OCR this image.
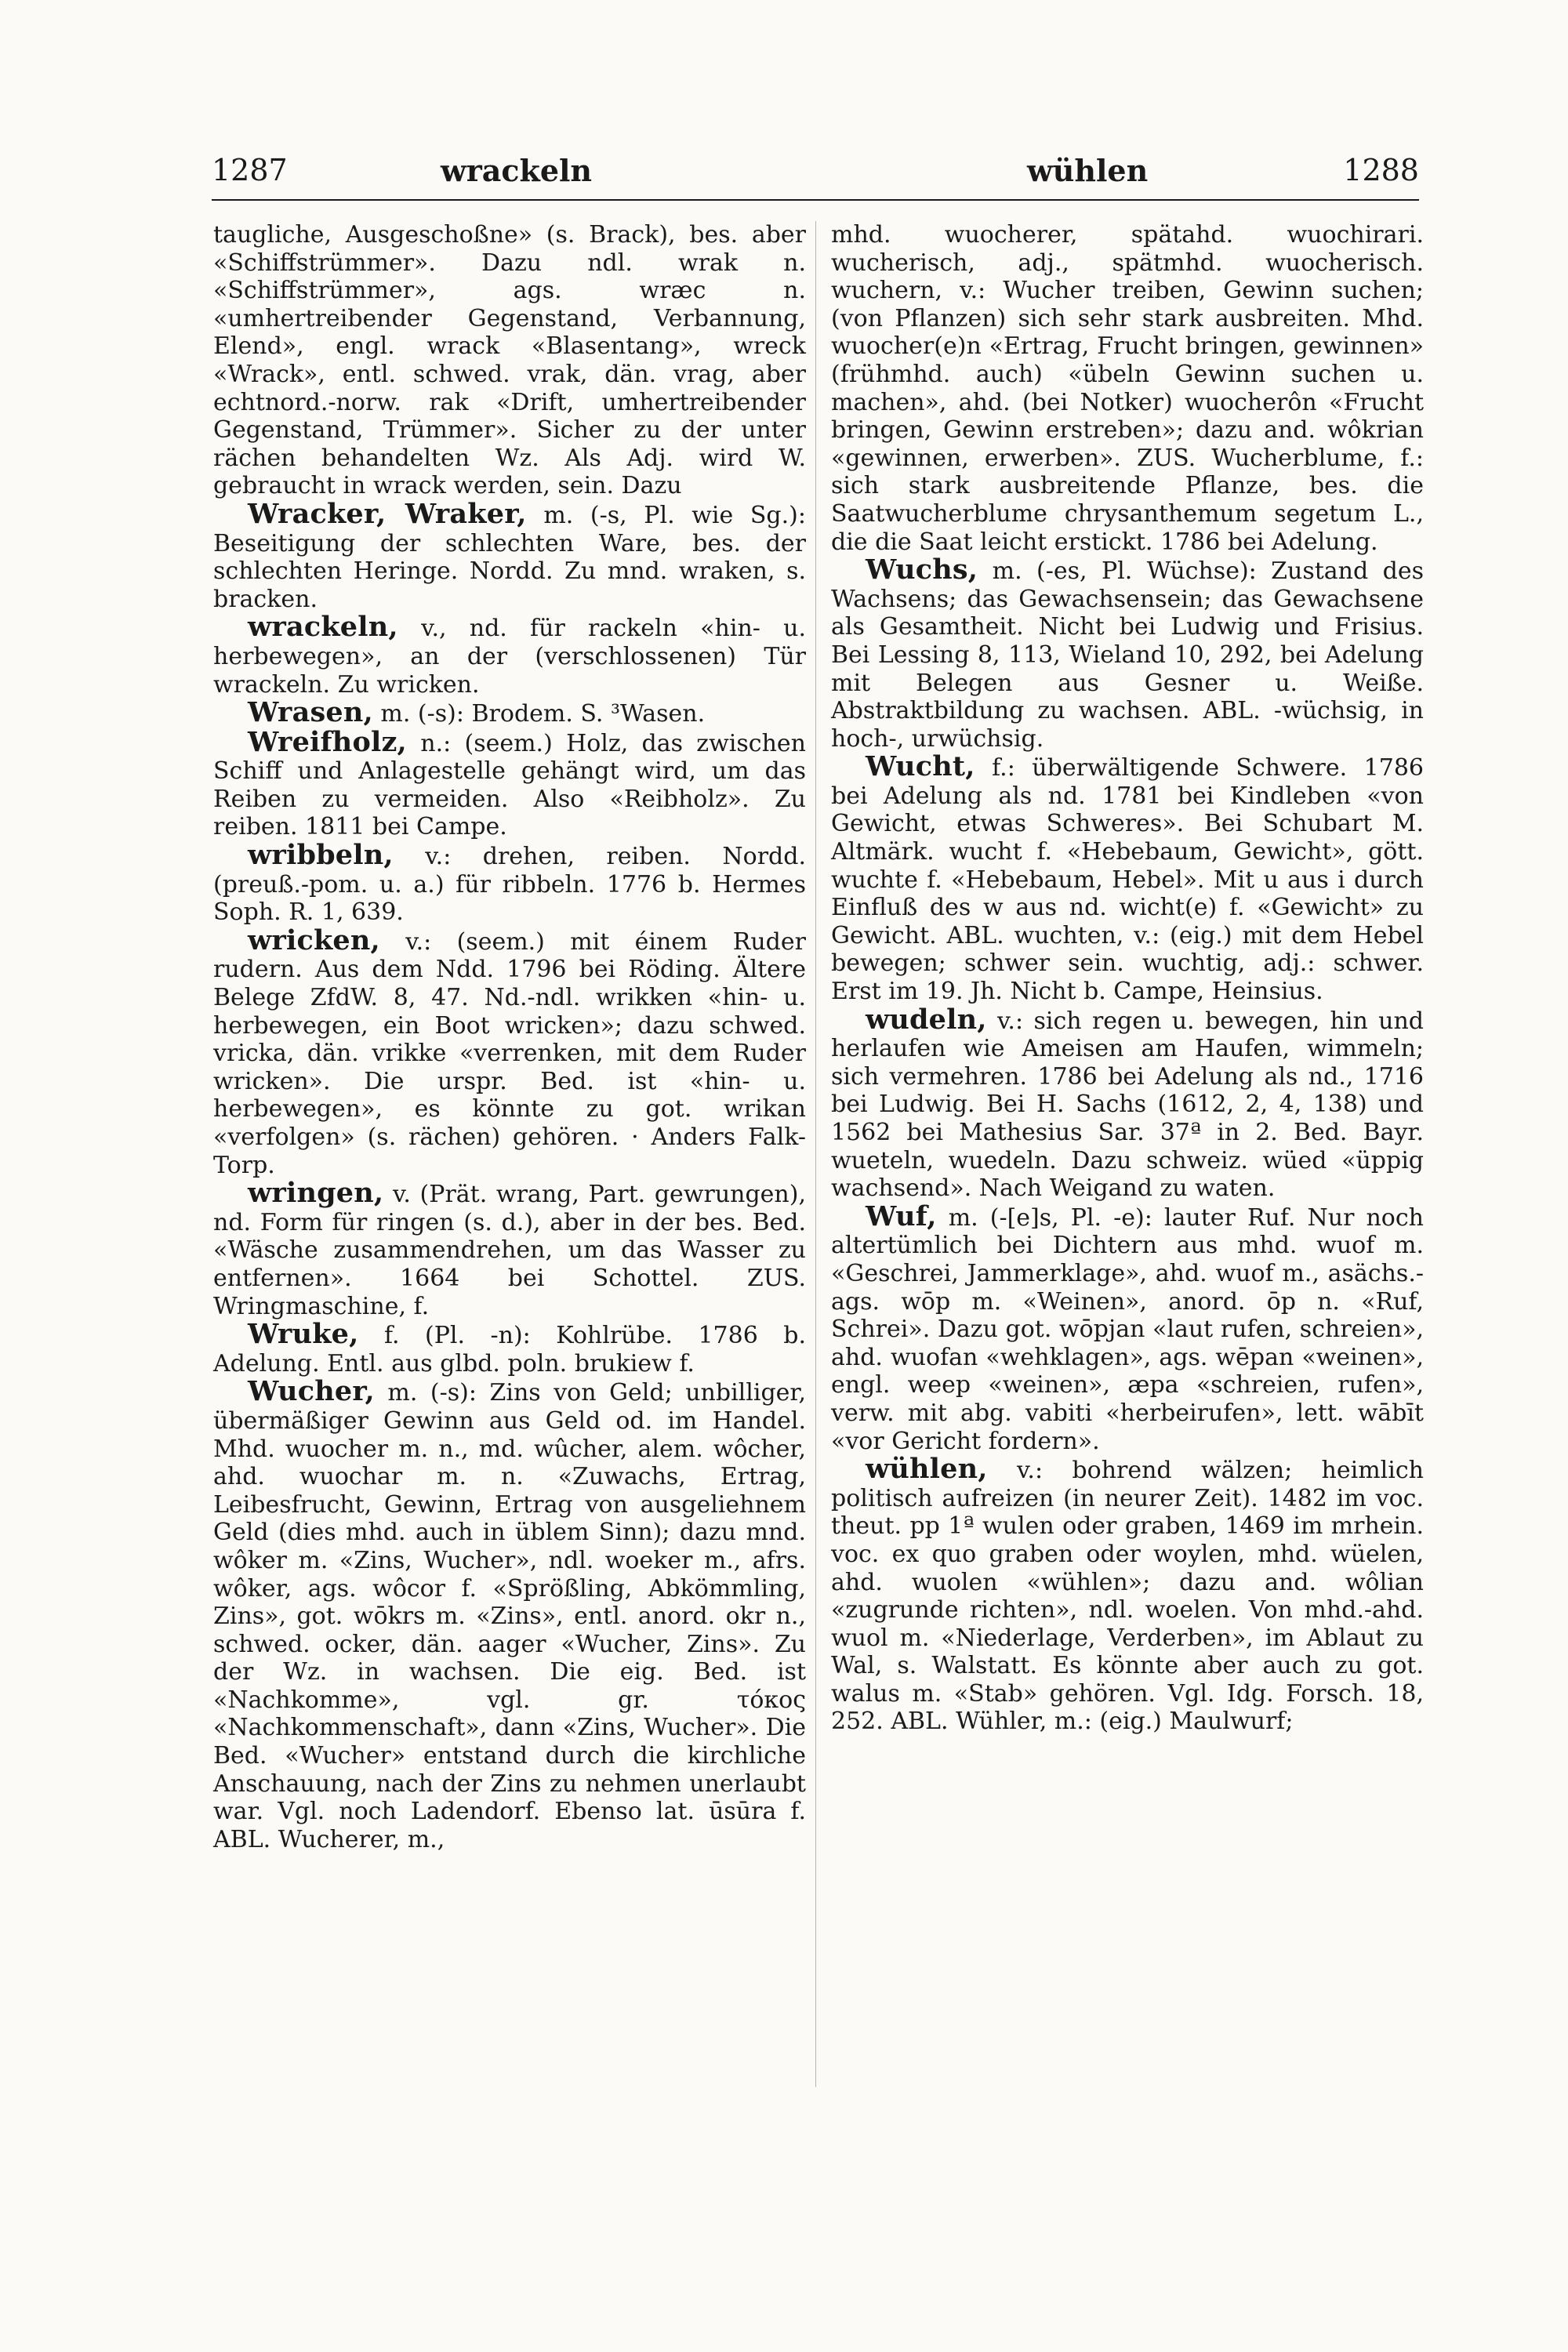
1287	wrackeln	wühlen	1288

taugliche, Ausgeschoßne» (s. Brack), bes. aber «Schiffstrümmer». Dazu ndl. wrak n. «Schiffstrümmer», ags. wræc n. «umhertreibender Gegenstand, Verbannung, Elend», engl. wrack «Blasentang», wreck «Wrack», entl. schwed. vrak, dän. vrag, aber echtnord.-norw. rak «Drift, umhertreibender Gegenstand, Trümmer». Sicher zu der unter rächen behandelten Wz. Als Adj. wird W. gebraucht in wrack werden, sein. Dazu

Wracker, Wraker, m. (-s, Pl. wie Sg.): Beseitigung der schlechten Ware, bes. der schlechten Heringe. Nordd. Zu mnd. wraken, s. bracken.

wrackeln, v., nd. für rackeln «hin- u. herbewegen», an der (verschlossenen) Tür wrackeln. Zu wricken.

Wrasen, m. (-s): Brodem. S. ³Wasen.

Wreifholz, n.: (seem.) Holz, das zwischen Schiff und Anlagestelle gehängt wird, um das Reiben zu vermeiden. Also «Reibholz». Zu reiben. 1811 bei Campe.

wribbeln, v.: drehen, reiben. Nordd. (preuß.-pom. u. a.) für ribbeln. 1776 b. Hermes Soph. R. 1, 639.

wricken, v.: (seem.) mit éinem Ruder rudern. Aus dem Ndd. 1796 bei Röding. Ältere Belege ZfdW. 8, 47. Nd.-ndl. wrikken «hin- u. herbewegen, ein Boot wricken»; dazu schwed. vricka, dän. vrikke «verrenken, mit dem Ruder wricken». Die urspr. Bed. ist «hin- u. herbewegen», es könnte zu got. wrikan «verfolgen» (s. rächen) gehören. · Anders Falk-Torp.

wringen, v. (Prät. wrang, Part. gewrungen), nd. Form für ringen (s. d.), aber in der bes. Bed. «Wäsche zusammendrehen, um das Wasser zu entfernen». 1664 bei Schottel. ZUS. Wringmaschine, f.

Wruke, f. (Pl. -n): Kohlrübe. 1786 b. Adelung. Entl. aus glbd. poln. brukiew f.

Wucher, m. (-s): Zins von Geld; unbilliger, übermäßiger Gewinn aus Geld od. im Handel. Mhd. wuocher m. n., md. wûcher, alem. wôcher, ahd. wuochar m. n. «Zuwachs, Ertrag, Leibesfrucht, Gewinn, Ertrag von ausgeliehnem Geld (dies mhd. auch in üblem Sinn); dazu mnd. wôker m. «Zins, Wucher», ndl. woeker m., afrs. wôker, ags. wôcor f. «Sprößling, Abkömmling, Zins», got. wōkrs m. «Zins», entl. anord. okr n., schwed. ocker, dän. aager «Wucher, Zins». Zu der Wz. in wachsen. Die eig. Bed. ist «Nachkomme», vgl. gr. τόκος «Nachkommenschaft», dann «Zins, Wucher». Die Bed. «Wucher» entstand durch die kirchliche Anschauung, nach der Zins zu nehmen unerlaubt war. Vgl. noch Ladendorf. Ebenso lat. ūsūra f. ABL. Wucherer, m.,

mhd. wuocherer, spätahd. wuochirari. wucherisch, adj., spätmhd. wuocherisch. wuchern, v.: Wucher treiben, Gewinn suchen; (von Pflanzen) sich sehr stark ausbreiten. Mhd. wuocher(e)n «Ertrag, Frucht bringen, gewinnen» (frühmhd. auch) «übeln Gewinn suchen u. machen», ahd. (bei Notker) wuocherôn «Frucht bringen, Gewinn erstreben»; dazu and. wôkrian «gewinnen, erwerben». ZUS. Wucherblume, f.: sich stark ausbreitende Pflanze, bes. die Saatwucherblume chrysanthemum segetum L., die die Saat leicht erstickt. 1786 bei Adelung.

Wuchs, m. (-es, Pl. Wüchse): Zustand des Wachsens; das Gewachsensein; das Gewachsene als Gesamtheit. Nicht bei Ludwig und Frisius. Bei Lessing 8, 113, Wieland 10, 292, bei Adelung mit Belegen aus Gesner u. Weiße. Abstraktbildung zu wachsen. ABL. -wüchsig, in hoch-, urwüchsig.

Wucht, f.: überwältigende Schwere. 1786 bei Adelung als nd. 1781 bei Kindleben «von Gewicht, etwas Schweres». Bei Schubart M. Altmärk. wucht f. «Hebebaum, Gewicht», gött. wuchte f. «Hebebaum, Hebel». Mit u aus i durch Einfluß des w aus nd. wicht(e) f. «Gewicht» zu Gewicht. ABL. wuchten, v.: (eig.) mit dem Hebel bewegen; schwer sein. wuchtig, adj.: schwer. Erst im 19. Jh. Nicht b. Campe, Heinsius.

wudeln, v.: sich regen u. bewegen, hin und herlaufen wie Ameisen am Haufen, wimmeln; sich vermehren. 1786 bei Adelung als nd., 1716 bei Ludwig. Bei H. Sachs (1612, 2, 4, 138) und 1562 bei Mathesius Sar. 37ª in 2. Bed. Bayr. wueteln, wuedeln. Dazu schweiz. wüed «üppig wachsend». Nach Weigand zu waten.

Wuf, m. (-[e]s, Pl. -e): lauter Ruf. Nur noch altertümlich bei Dichtern aus mhd. wuof m. «Geschrei, Jammerklage», ahd. wuof m., asächs.-ags. wōp m. «Weinen», anord. ōp n. «Ruf, Schrei». Dazu got. wōpjan «laut rufen, schreien», ahd. wuofan «wehklagen», ags. wēpan «weinen», engl. weep «weinen», æpa «schreien, rufen», verw. mit abg. vabiti «herbeirufen», lett. wābīt «vor Gericht fordern».

wühlen, v.: bohrend wälzen; heimlich politisch aufreizen (in neurer Zeit). 1482 im voc. theut. pp 1ª wulen oder graben, 1469 im mrhein. voc. ex quo graben oder woylen, mhd. wüelen, ahd. wuolen «wühlen»; dazu and. wôlian «zugrunde richten», ndl. woelen. Von mhd.-ahd. wuol m. «Niederlage, Verderben», im Ablaut zu Wal, s. Walstatt. Es könnte aber auch zu got. walus m. «Stab» gehören. Vgl. Idg. Forsch. 18, 252. ABL. Wühler, m.: (eig.) Maulwurf;
